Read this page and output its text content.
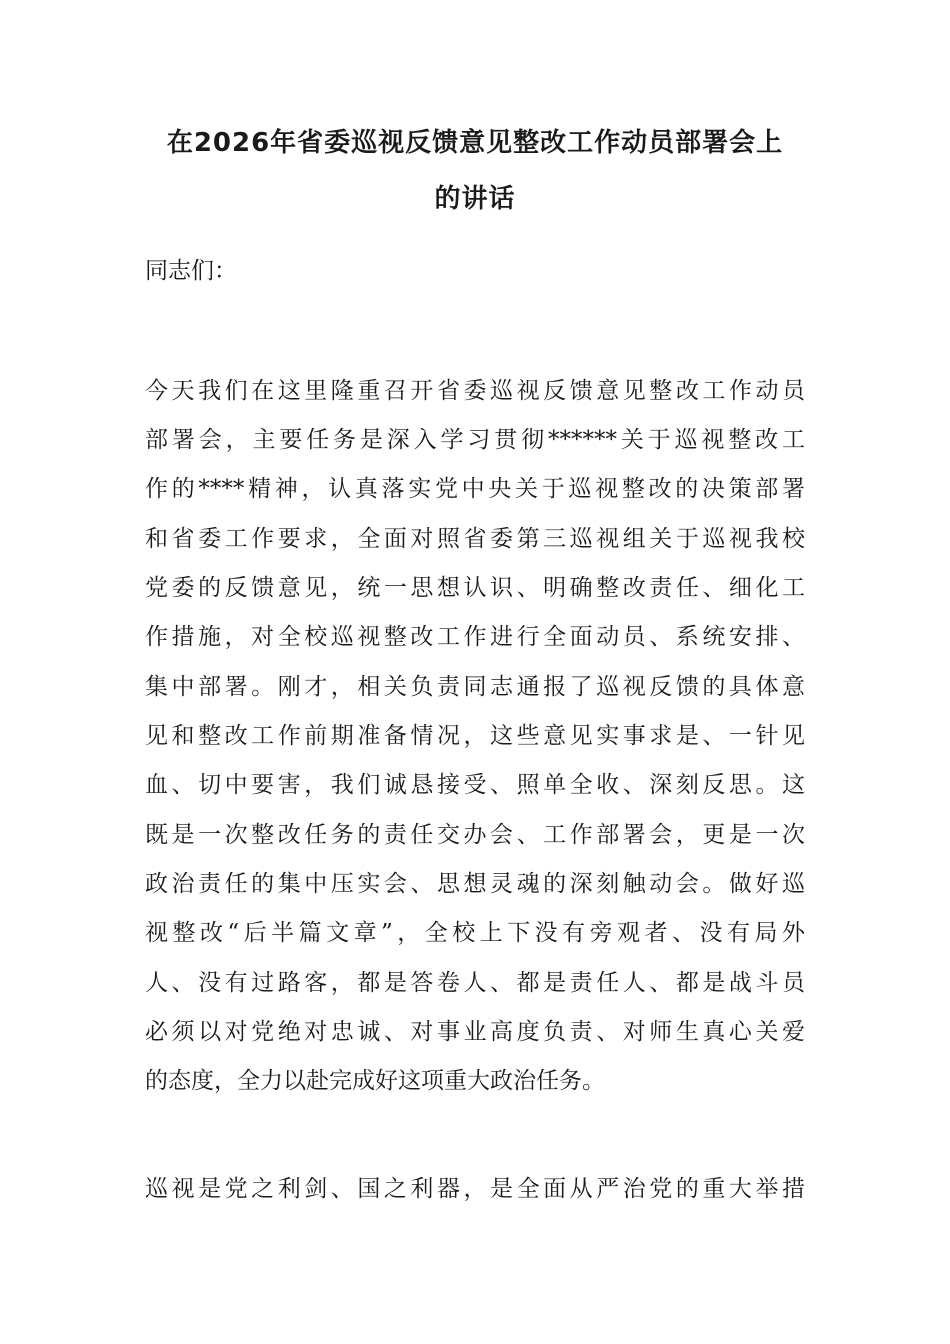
在2026年省委巡视反馈意见整改工作动员部署会上
的讲话

同志们：

今天我们在这里隆重召开省委巡视反馈意见整改工作动员

部署会，主要任务是深入学习贯彻******关于巡视整改工

作的****精神，认真落实党中央关于巡视整改的决策部署

和省委工作要求，全面对照省委第三巡视组关于巡视我校

党委的反馈意见，统一思想认识、明确整改责任、细化工

作措施，对全校巡视整改工作进行全面动员、系统安排、

集中部署。刚才，相关负责同志通报了巡视反馈的具体意

见和整改工作前期准备情况，这些意见实事求是、一针见

血、切中要害，我们诚恳接受、照单全收、深刻反思。这

既是一次整改任务的责任交办会、工作部署会，更是一次

政治责任的集中压实会、思想灵魂的深刻触动会。做好巡

视整改“后半篇文章”，全校上下没有旁观者、没有局外

人、没有过路客，都是答卷人、都是责任人、都是战斗员

必须以对党绝对忠诚、对事业高度负责、对师生真心关爱

的态度，全力以赴完成好这项重大政治任务。

巡视是党之利剑、国之利器，是全面从严治党的重大举措
